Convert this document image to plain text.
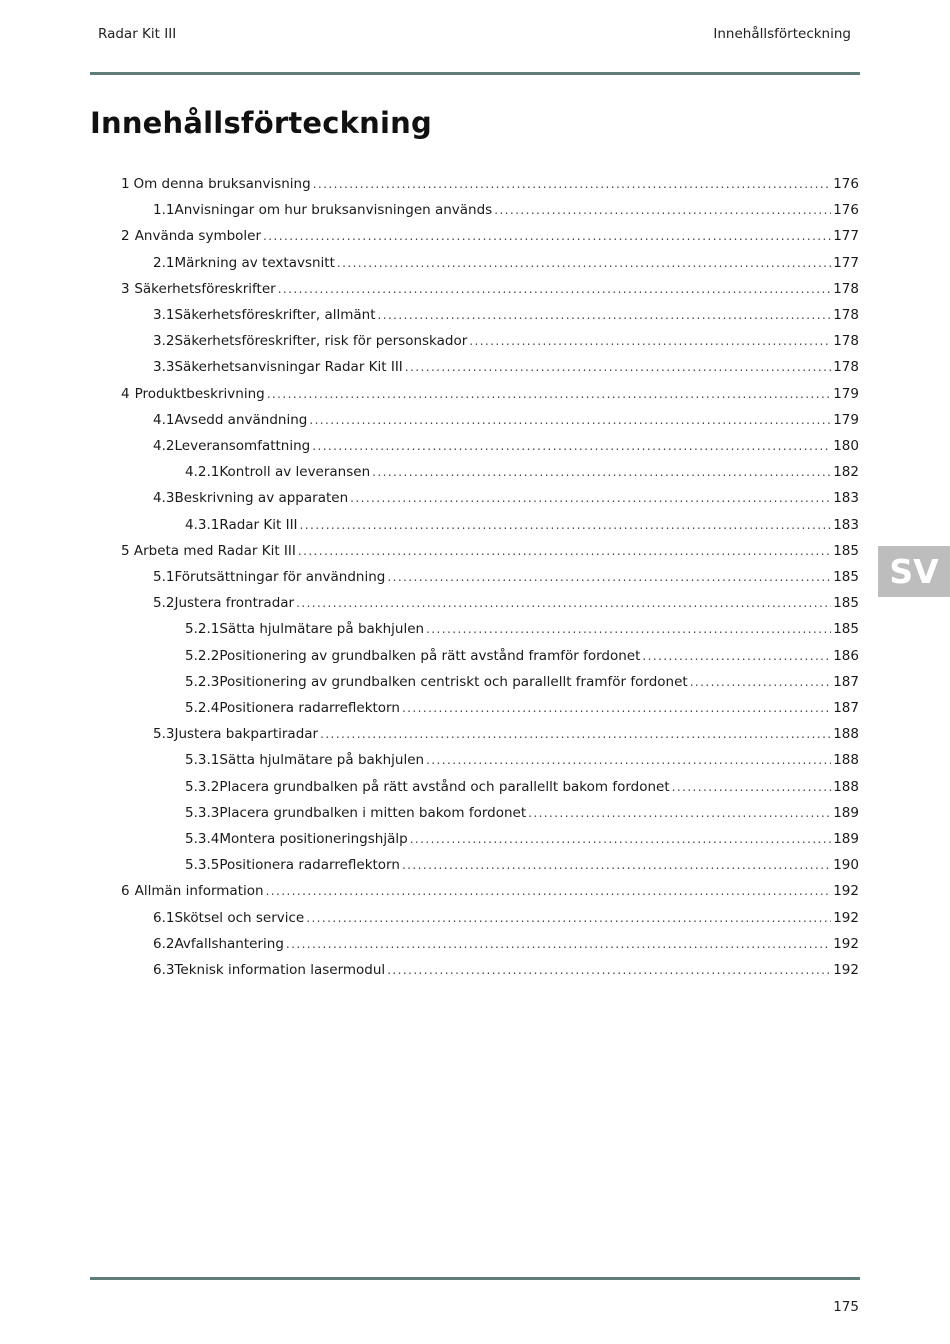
Radar Kit III	Innehållsförteckning
Innehållsförteckning
1 Om denna bruksanvisning . . .	176
1.1 Anvisningar om hur bruksanvisningen används . . .	176
2 Använda symboler . . .	177
2.1 Märkning av textavsnitt . . .	177
3 Säkerhetsföreskrifter . . .	178
3.1 Säkerhetsföreskrifter, allmänt . . .	178
3.2 Säkerhetsföreskrifter, risk för personskador . . .	178
3.3 Säkerhetsanvisningar Radar Kit III . . .	178
4 Produktbeskrivning . . .	179
4.1 Avsedd användning . . .	179
4.2 Leveransomfattning . . .	180
4.2.1 Kontroll av leveransen . . .	182
4.3 Beskrivning av apparaten . . .	183
4.3.1 Radar Kit III . . .	183
5 Arbeta med Radar Kit III . . .	185
5.1 Förutsättningar för användning . . .	185
5.2 Justera frontradar . . .	185
5.2.1 Sätta hjulmätare på bakhjulen . . .	185
5.2.2 Positionering av grundbalken på rätt avstånd framför fordonet . . .	186
5.2.3 Positionering av grundbalken centriskt och parallellt framför fordonet . . .	187
5.2.4 Positionera radarreflektorn . . .	187
5.3 Justera bakpartiradar . . .	188
5.3.1 Sätta hjulmätare på bakhjulen . . .	188
5.3.2 Placera grundbalken på rätt avstånd och parallellt bakom fordonet . . .	188
5.3.3 Placera grundbalken i mitten bakom fordonet . . .	189
5.3.4 Montera positioneringshjälp . . .	189
5.3.5 Positionera radarreflektorn . . .	190
6 Allmän information . . .	192
6.1 Skötsel och service . . .	192
6.2 Avfallshantering . . .	192
6.3 Teknisk information lasermodul . . .	192
SV
175
